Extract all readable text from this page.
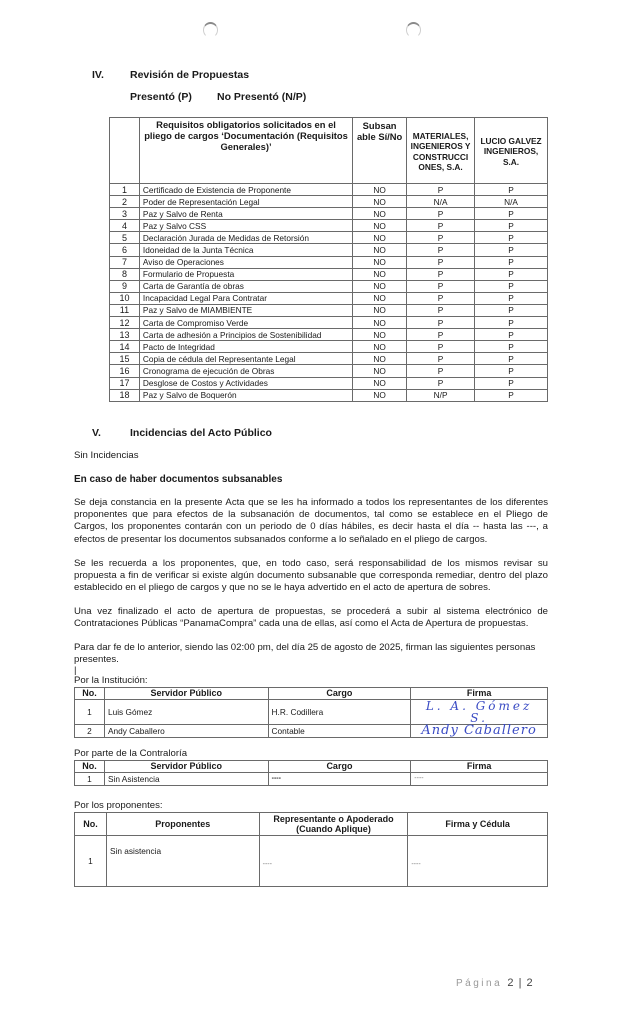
IV. Revisión de Propuestas
Presentó (P) No Presentó (N/P)
	Requisitos obligatorios solicitados en el pliego de cargos ‘Documentación (Requisitos Generales)’	Subsan able Sí/No	MATERIALES, INGENIEROS Y CONSTRUCCI ONES, S.A.	LUCIO GALVEZ INGENIEROS, S.A.
1	Certificado de Existencia de Proponente	NO	P	P
2	Poder de Representación Legal	NO	N/A	N/A
3	Paz y Salvo de Renta	NO	P	P
4	Paz y Salvo CSS	NO	P	P
5	Declaración Jurada de Medidas de Retorsión	NO	P	P
6	Idoneidad de la Junta Técnica	NO	P	P
7	Aviso de Operaciones	NO	P	P
8	Formulario de Propuesta	NO	P	P
9	Carta de Garantía de obras	NO	P	P
10	Incapacidad Legal Para Contratar	NO	P	P
11	Paz y Salvo de MIAMBIENTE	NO	P	P
12	Carta de Compromiso Verde	NO	P	P
13	Carta de adhesión a Principios de Sostenibilidad	NO	P	P
14	Pacto de Integridad	NO	P	P
15	Copia de cédula del Representante Legal	NO	P	P
16	Cronograma de ejecución de Obras	NO	P	P
17	Desglose de Costos y Actividades	NO	P	P
18	Paz y Salvo de Boquerón	NO	N/P	P
V.	Incidencias del Acto Público
Sin Incidencias
En caso de haber documentos subsanables
Se deja constancia en la presente Acta que se les ha informado a todos los representantes de los diferentes proponentes que para efectos de la subsanación de documentos, tal como se establece en el Pliego de Cargos, los proponentes contarán con un periodo de 0 días hábiles, es decir hasta el día -- hasta las ---, a efectos de presentar los documentos subsanados conforme a lo señalado en el pliego de cargos.
Se les recuerda a los proponentes, que, en todo caso, será responsabilidad de los mismos revisar su propuesta a fin de verificar si existe algún documento subsanable que corresponda remediar, dentro del plazo establecido en el pliego de cargos y que no se le haya advertido en el acto de apertura de sobres.
Una vez finalizado el acto de apertura de propuestas, se procederá a subir al sistema electrónico de Contrataciones Públicas “PanamaCompra” cada una de ellas, así como el Acta de Apertura de propuestas.
Para dar fe de lo anterior, siendo las 02:00 pm, del día 25 de agosto de 2025, firman las siguientes personas presentes.
|
Por la Institución:
No.	Servidor Público	Cargo	Firma
1	Luis Gómez	H.R. Codillera	L. A. Gómez S.
2	Andy Caballero	Contable	Andy Caballero
Por parte de la Contraloría
No.	Servidor Público	Cargo	Firma
1	Sin Asistencia	----	----
Por los proponentes:
No.	Proponentes	Representante o Apoderado (Cuando Aplique)	Firma y Cédula
1	Sin asistencia	----	----
Página 2 | 2
